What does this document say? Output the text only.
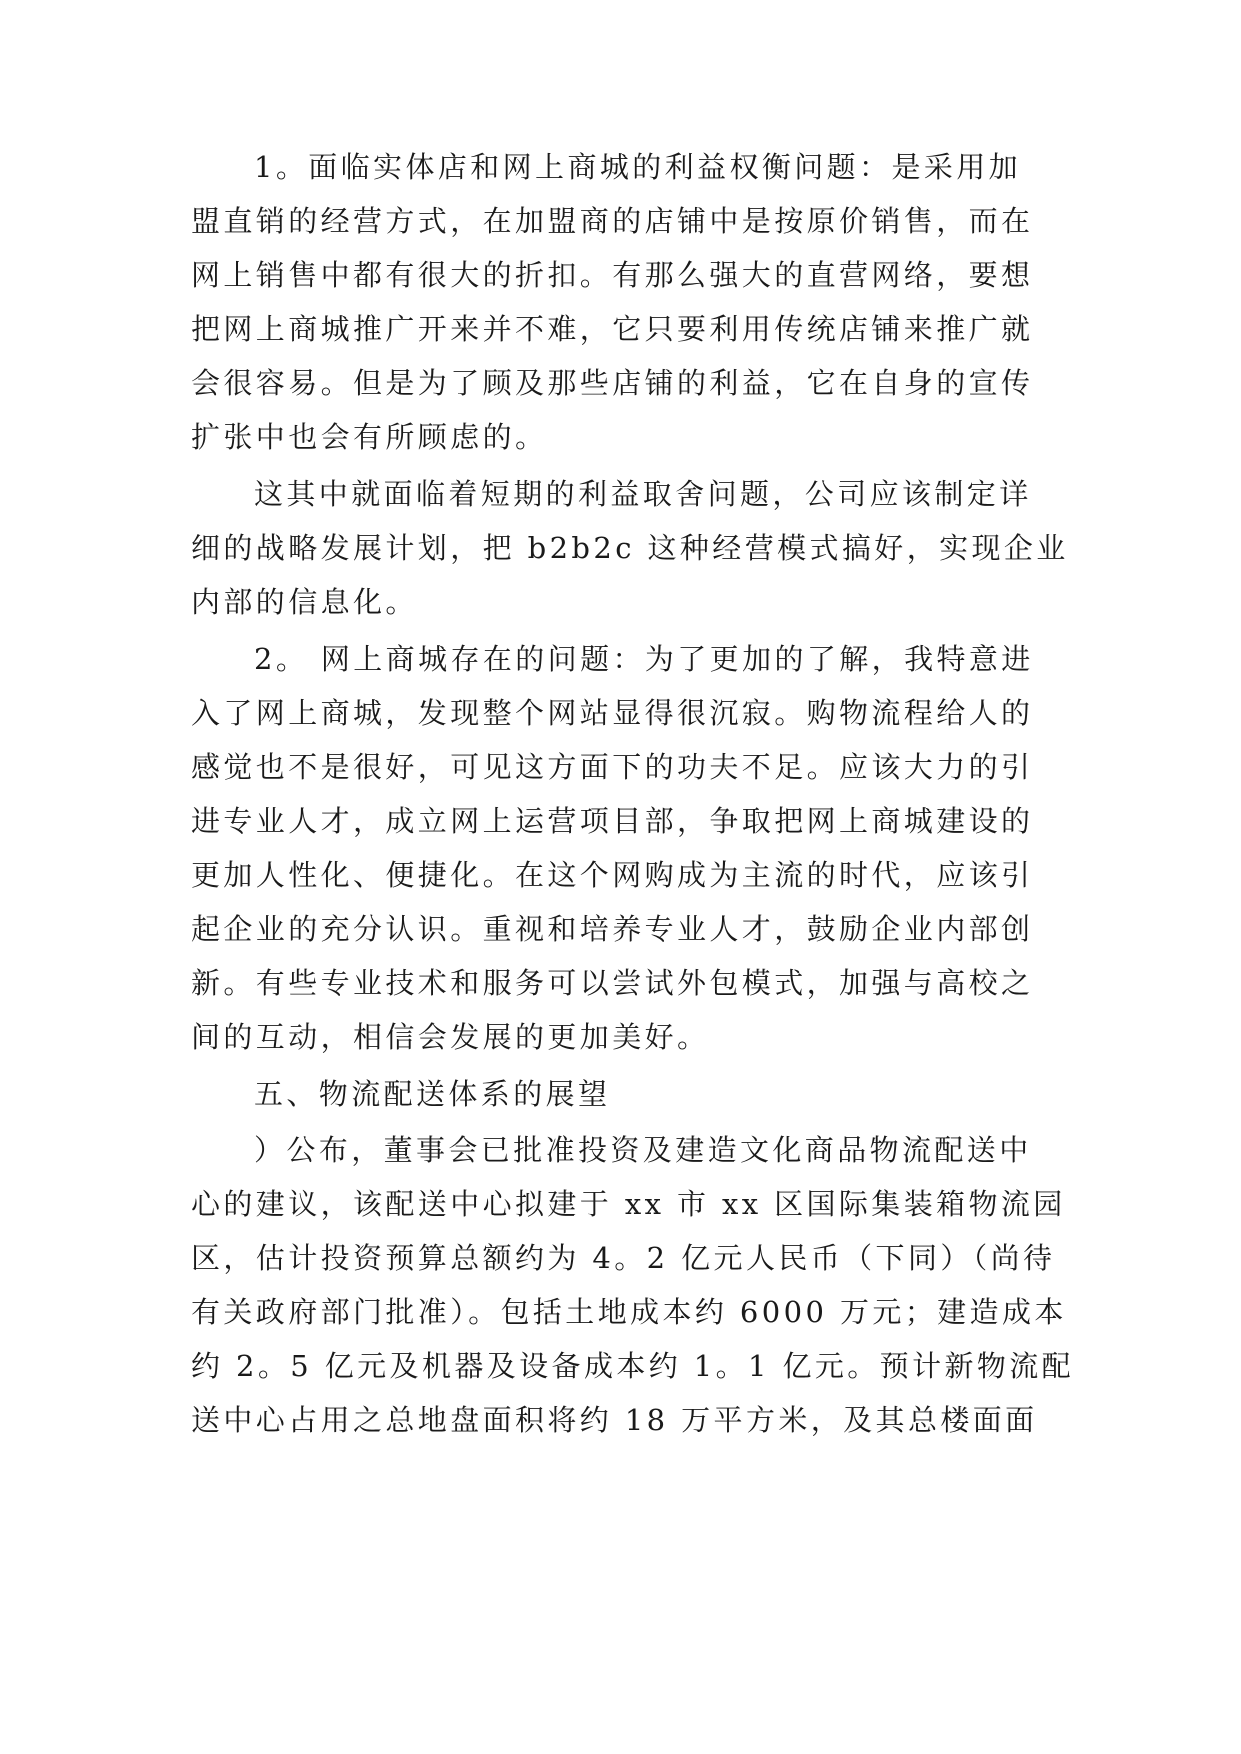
1。面临实体店和网上商城的利益权衡问题：是采用加
盟直销的经营方式，在加盟商的店铺中是按原价销售，而在
网上销售中都有很大的折扣。有那么强大的直营网络，要想
把网上商城推广开来并不难，它只要利用传统店铺来推广就
会很容易。但是为了顾及那些店铺的利益，它在自身的宣传
扩张中也会有所顾虑的。
这其中就面临着短期的利益取舍问题，公司应该制定详
细的战略发展计划，把 b2b2c 这种经营模式搞好，实现企业
内部的信息化。
2。 网上商城存在的问题：为了更加的了解，我特意进
入了网上商城，发现整个网站显得很沉寂。购物流程给人的
感觉也不是很好，可见这方面下的功夫不足。应该大力的引
进专业人才，成立网上运营项目部，争取把网上商城建设的
更加人性化、便捷化。在这个网购成为主流的时代，应该引
起企业的充分认识。重视和培养专业人才，鼓励企业内部创
新。有些专业技术和服务可以尝试外包模式，加强与高校之
间的互动，相信会发展的更加美好。
五、物流配送体系的展望
）公布，董事会已批准投资及建造文化商品物流配送中
心的建议，该配送中心拟建于 xx 市 xx 区国际集装箱物流园
区，估计投资预算总额约为 4。2 亿元人民币（下同）（尚待
有关政府部门批准）。包括土地成本约 6000 万元；建造成本
约 2。5 亿元及机器及设备成本约 1。1 亿元。预计新物流配
送中心占用之总地盘面积将约 18 万平方米，及其总楼面面
